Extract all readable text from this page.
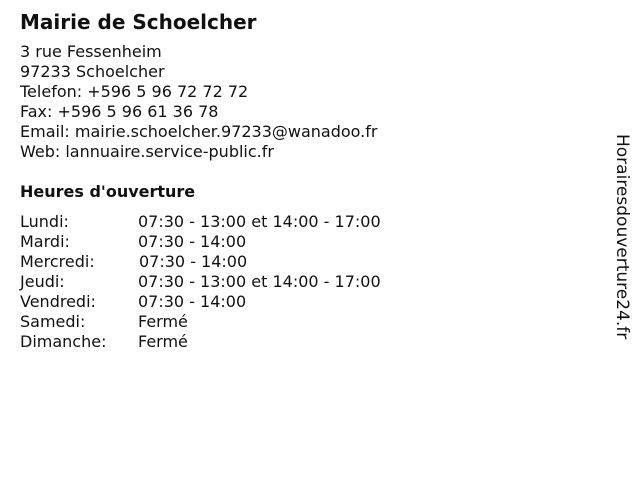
Mairie de Schoelcher
3 rue Fessenheim
97233 Schoelcher
Telefon: +596 5 96 72 72 72
Fax: +596 5 96 61 36 78
Email: mairie.schoelcher.97233@wanadoo.fr
Web: lannuaire.service-public.fr
Heures d'ouverture
Lundi:	07:30 - 13:00 et 14:00 - 17:00
Mardi:	07:30 - 14:00
Mercredi:	07:30 - 14:00
Jeudi:	07:30 - 13:00 et 14:00 - 17:00
Vendredi:	07:30 - 14:00
Samedi:	Fermé
Dimanche: Fermé
Horairesdouverture24.fr
